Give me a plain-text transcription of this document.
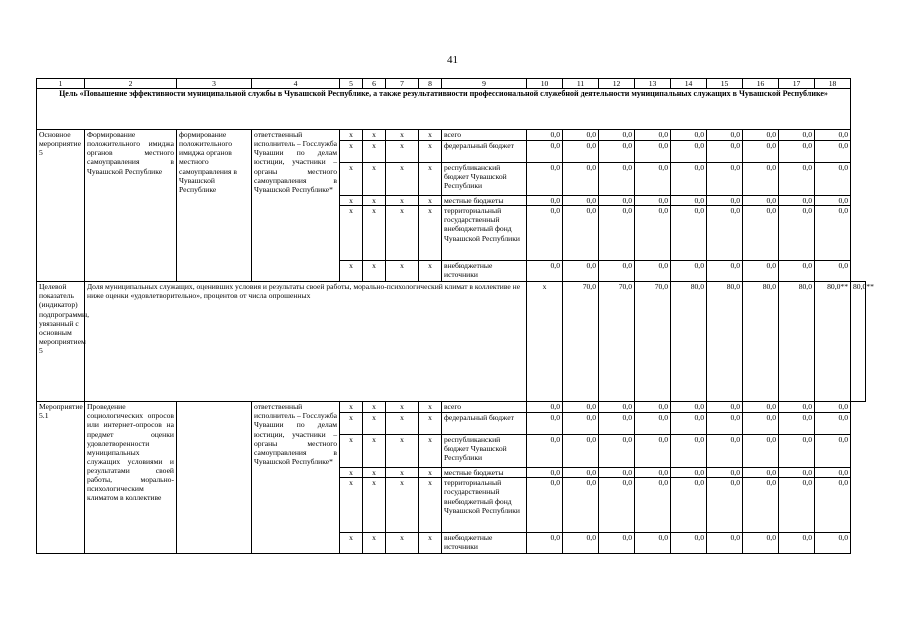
41
1	2	3	4	5	6	7	8	9	10	11	12	13	14	15	16	17	18	
Цель «Повышение эффективности муниципальной службы в Чувашской Республике, а также результативности профессиональной служебной деятельности муниципальных служащих в Чувашской Республике»																		
Основное мероприятие 5	Формирование положительного имиджа органов местного самоуправления в Чувашской Республике	формирование положительного имиджа органов местного самоуправления в Чувашской Республике	ответственный исполнитель – Госслужба Чувашии по делам юстиции, участники – органы местного самоуправления в Чувашской Республике*	x	x	x	x	всего	0,0	0,0	0,0	0,0	0,0	0,0	0,0	0,0	0,0	
				x	x	x	x	федеральный бюджет	0,0	0,0	0,0	0,0	0,0	0,0	0,0	0,0	0,0	
				x	x	x	x	республиканский бюджет Чувашской Республики	0,0	0,0	0,0	0,0	0,0	0,0	0,0	0,0	0,0	
				x	x	x	x	местные бюджеты	0,0	0,0	0,0	0,0	0,0	0,0	0,0	0,0	0,0	
				x	x	x	x	территориальный государственный внебюджетный фонд Чувашской Республики	0,0	0,0	0,0	0,0	0,0	0,0	0,0	0,0	0,0	
				x	x	x	x	внебюджетные источники	0,0	0,0	0,0	0,0	0,0	0,0	0,0	0,0	0,0	
Целевой показатель (индикатор) подпрограммы, увязанный с основным мероприятием 5	Доля муниципальных служащих, оценивших условия и результаты своей работы, морально-психологический климат в коллективе не ниже оценки «удовлетворительно», процентов от числа опрошенных								x	70,0	70,0	70,0	80,0	80,0	80,0	80,0	80,0**	80,0**
Мероприятие 5.1	Проведение социологических опросов или интернет-опросов на предмет оценки удовлетворенности муниципальных служащих условиями и результатами своей работы, морально-психологическим климатом в коллективе		ответственный исполнитель – Госслужба Чувашии по делам юстиции, участники – органы местного самоуправления в Чувашской Республике*	x	x	x	x	всего	0,0	0,0	0,0	0,0	0,0	0,0	0,0	0,0	0,0	
				x	x	x	x	федеральный бюджет	0,0	0,0	0,0	0,0	0,0	0,0	0,0	0,0	0,0	
				x	x	x	x	республиканский бюджет Чувашской Республики	0,0	0,0	0,0	0,0	0,0	0,0	0,0	0,0	0,0	
				x	x	x	x	местные бюджеты	0,0	0,0	0,0	0,0	0,0	0,0	0,0	0,0	0,0	
				x	x	x	x	территориальный государственный внебюджетный фонд Чувашской Республики	0,0	0,0	0,0	0,0	0,0	0,0	0,0	0,0	0,0	
				x	x	x	x	внебюджетные источники	0,0	0,0	0,0	0,0	0,0	0,0	0,0	0,0	0,0	
